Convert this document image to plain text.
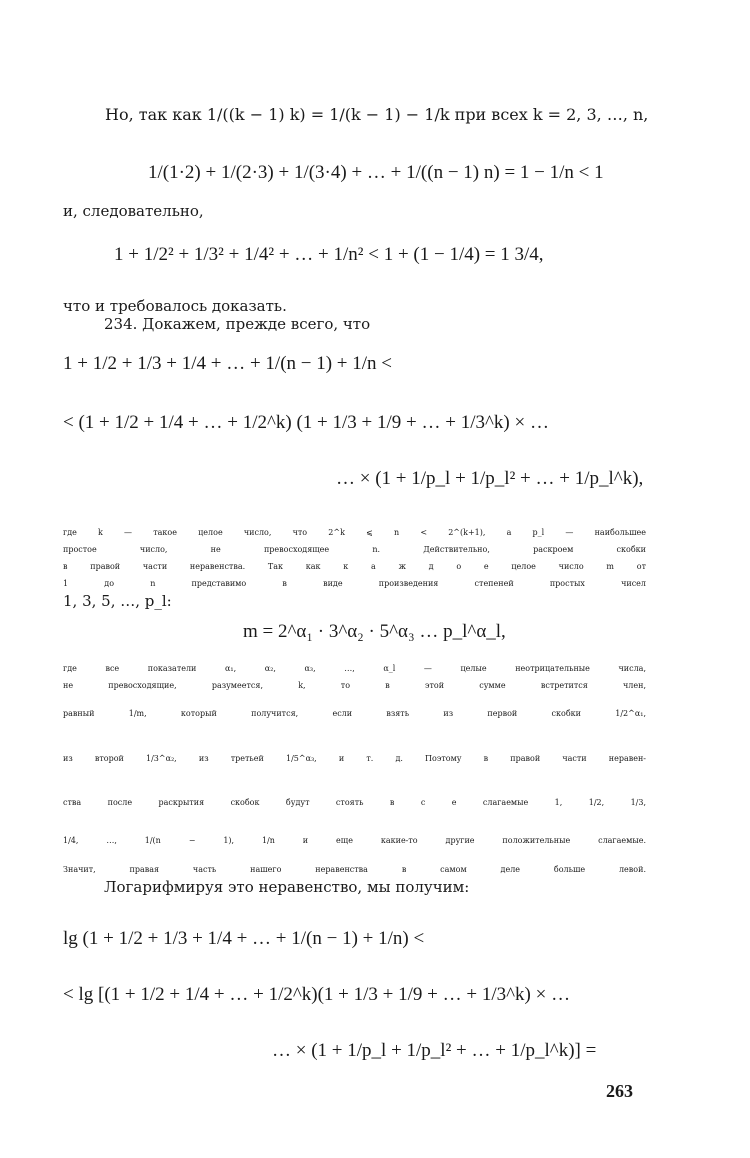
Но, так как 1/((k − 1) k) = 1/(k − 1) − 1/k при всех k = 2, 3, …, n,
1/(1·2) + 1/(2·3) + 1/(3·4) + … + 1/((n − 1) n) = 1 − 1/n < 1
и, следовательно,
1 + 1/2² + 1/3² + 1/4² + … + 1/n² < 1 + (1 − 1/4) = 1 3/4,
что и требовалось доказать.
234. Докажем, прежде всего, что
1 + 1/2 + 1/3 + 1/4 + … + 1/(n − 1) + 1/n <
< (1 + 1/2 + 1/4 + … + 1/2^k) (1 + 1/3 + 1/9 + … + 1/3^k) × …
… × (1 + 1/p_l + 1/p_l² + … + 1/p_l^k),
где k — такое целое число, что 2^k ⩽ n < 2^(k+1), а p_l — наибольшее
простое число, не превосходящее n. Действительно, раскроем скобки
в правой части неравенства. Так как к а ж д о е целое число m от
1 до n представимо в виде произведения степеней простых чисел
1, 3, 5, …, p_l:
m = 2^α₁ · 3^α₂ · 5^α₃ … p_l^α_l,
где все показатели α₁, α₂, α₃, …, α_l — целые неотрицательные числа,
не превосходящие, разумеется, k, то в этой сумме встретится член,
равный 1/m, который получится, если взять из первой скобки 1/2^α₁,
из второй 1/3^α₂, из третьей 1/5^α₃, и т. д. Поэтому в правой части неравен-
ства после раскрытия скобок будут стоять в с е слагаемые 1, 1/2, 1/3,
1/4, …, 1/(n − 1), 1/n и еще какие-то другие положительные слагаемые.
Значит, правая часть нашего неравенства в самом деле больше левой.
Логарифмируя это неравенство, мы получим:
lg (1 + 1/2 + 1/3 + 1/4 + … + 1/(n − 1) + 1/n) <
< lg [(1 + 1/2 + 1/4 + … + 1/2^k)(1 + 1/3 + 1/9 + … + 1/3^k) × …
… × (1 + 1/p_l + 1/p_l² + … + 1/p_l^k)] =
263
